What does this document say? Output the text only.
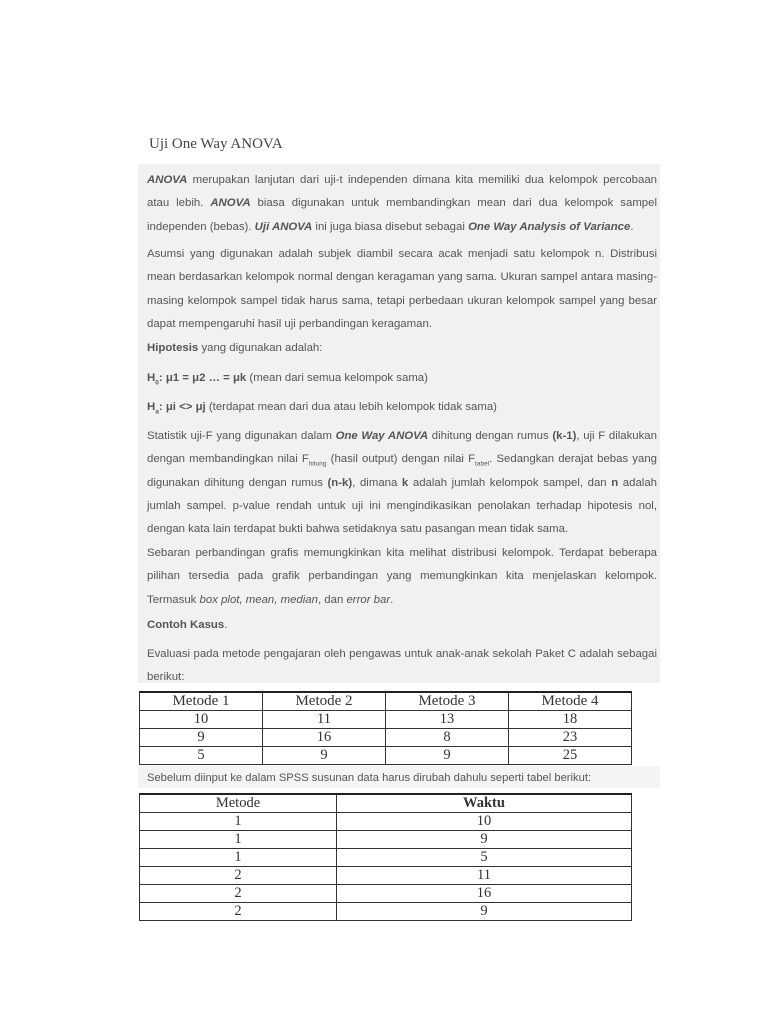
Uji One Way ANOVA
ANOVA merupakan lanjutan dari uji-t independen dimana kita memiliki dua kelompok percobaan atau lebih. ANOVA biasa digunakan untuk membandingkan mean dari dua kelompok sampel independen (bebas). Uji ANOVA ini juga biasa disebut sebagai One Way Analysis of Variance.
Asumsi yang digunakan adalah subjek diambil secara acak menjadi satu kelompok n. Distribusi mean berdasarkan kelompok normal dengan keragaman yang sama. Ukuran sampel antara masing-masing kelompok sampel tidak harus sama, tetapi perbedaan ukuran kelompok sampel yang besar dapat mempengaruhi hasil uji perbandingan keragaman.
Hipotesis yang digunakan adalah:
$H_0$: μ1 = μ2 … = μk (mean dari semua kelompok sama)
$H_a$: μi <> μj (terdapat mean dari dua atau lebih kelompok tidak sama)
Statistik uji-F yang digunakan dalam One Way ANOVA dihitung dengan rumus (k-1), uji F dilakukan dengan membandingkan nilai $F_{hitung}$ (hasil output) dengan nilai $F_{tabel}$. Sedangkan derajat bebas yang digunakan dihitung dengan rumus (n-k), dimana k adalah jumlah kelompok sampel, dan n adalah jumlah sampel. p-value rendah untuk uji ini mengindikasikan penolakan terhadap hipotesis nol, dengan kata lain terdapat bukti bahwa setidaknya satu pasangan mean tidak sama.
Sebaran perbandingan grafis memungkinkan kita melihat distribusi kelompok. Terdapat beberapa pilihan tersedia pada grafik perbandingan yang memungkinkan kita menjelaskan kelompok. Termasuk box plot, mean, median, dan error bar.
Contoh Kasus.
Evaluasi pada metode pengajaran oleh pengawas untuk anak-anak sekolah Paket C adalah sebagai berikut:
Metode 1	Metode 2	Metode 3	Metode 4
10	11	13	18
9	16	8	23
5	9	9	25
Sebelum diinput ke dalam SPSS susunan data harus dirubah dahulu seperti tabel berikut:
Metode	Waktu
1	10
1	9
1	5
2	11
2	16
2	9
